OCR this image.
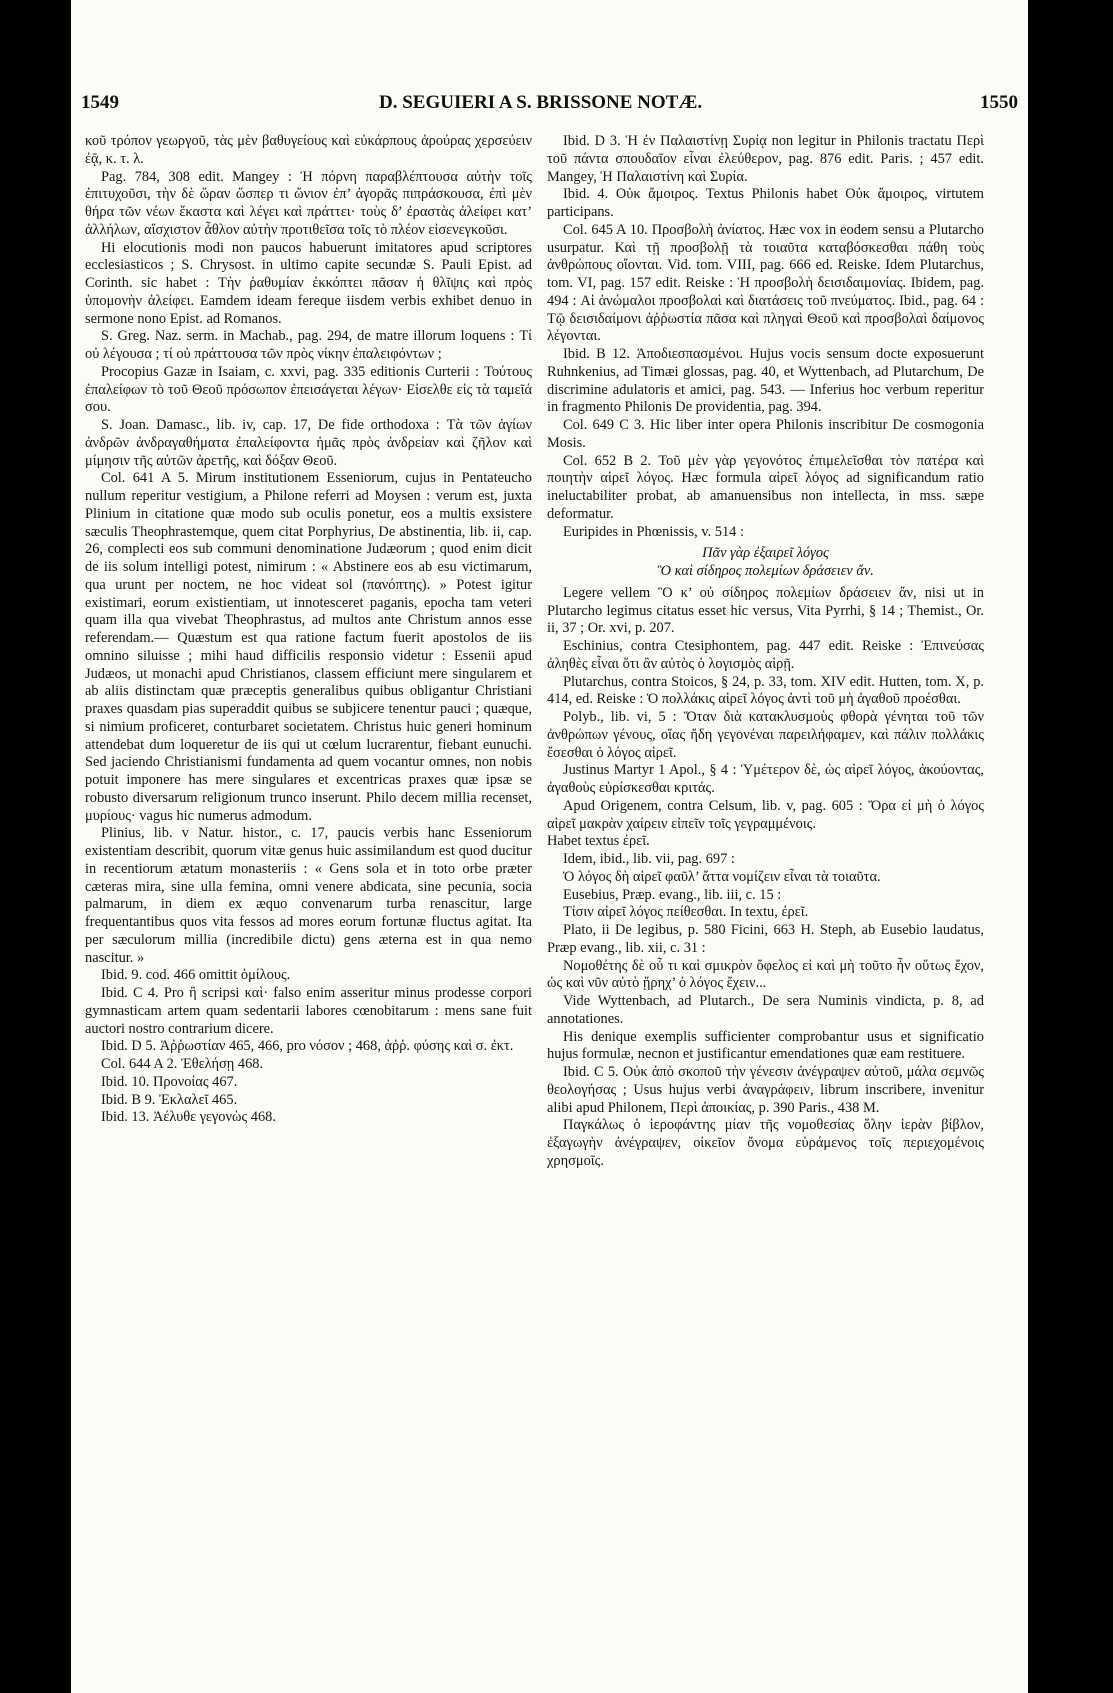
1549	D. SEGUIERI A S. BRISSONE NOTÆ.	1550

κοῦ τρόπον γεωργοῦ, τὰς μὲν βαθυγείους καὶ εὐκάρπους ἀρούρας χερσεύειν ἐᾷ, κ. τ. λ.

Pag. 784, 308 edit. Mangey : Ἡ πόρνη παραβλέπτουσα αὐτὴν τοῖς ἐπιτυχοῦσι, τὴν δὲ ὥραν ὥσπερ τι ὤνιον ἐπ’ ἀγορᾶς πιπράσκουσα, ἐπὶ μὲν θήρα τῶν νέων ἕκαστα καὶ λέγει καὶ πράττει· τοὺς δ’ ἐραστὰς ἀλείφει κατ’ ἀλλήλων, αἴσχιστον ἆθλον αὐτὴν προτιθεῖσα τοῖς τὸ πλέον εἰσενεγκοῦσι.

Hi elocutionis modi non paucos habuerunt imitatores apud scriptores ecclesiasticos ; S. Chrysost. in ultimo capite secundæ S. Pauli Epist. ad Corinth. sic habet : Τὴν ῥαθυμίαν ἐκκόπτει πᾶσαν ἡ θλῖψις καὶ πρὸς ὑπομονὴν ἀλείφει. Eamdem ideam fereque iisdem verbis exhibet denuo in sermone nono Epist. ad Romanos.

S. Greg. Naz. serm. in Machab., pag. 294, de matre illorum loquens : Τί οὐ λέγουσα ; τί οὐ πράττουσα τῶν πρὸς νίκην ἐπαλειφόντων ;

Procopius Gazæ in Isaiam, c. xxvi, pag. 335 editionis Curterii : Τούτους ἐπαλείφων τὸ τοῦ Θεοῦ πρόσωπον ἐπεισάγεται λέγων· Εἰσελθε εἰς τὰ ταμεῖά σου.

S. Joan. Damasc., lib. iv, cap. 17, De fide orthodoxa : Τὰ τῶν ἁγίων ἀνδρῶν ἀνδραγαθήματα ἐπαλείφοντα ἡμᾶς πρὸς ἀνδρείαν καὶ ζῆλον καὶ μίμησιν τῆς αὐτῶν ἀρετῆς, καὶ δόξαν Θεοῦ.

Col. 641 A 5. Mirum institutionem Esseniorum, cujus in Pentateucho nullum reperitur vestigium, a Philone referri ad Moysen : verum est, juxta Plinium in citatione quæ modo sub oculis ponetur, eos a multis exsistere sæculis Theophrastemque, quem citat Porphyrius, De abstinentia, lib. ii, cap. 26, complecti eos sub communi denominatione Judæorum ; quod enim dicit de iis solum intelligi potest, nimirum : « Abstinere eos ab esu victimarum, qua urunt per noctem, ne hoc videat sol (πανόπτης). » Potest igitur existimari, eorum existientiam, ut innotesceret paganis, epocha tam veteri quam illa qua vivebat Theophrastus, ad multos ante Christum annos esse referendam.— Quæstum est qua ratione factum fuerit apostolos de iis omnino siluisse ; mihi haud difficilis responsio videtur : Essenii apud Judæos, ut monachi apud Christianos, classem efficiunt mere singularem et ab aliis distinctam quæ præceptis generalibus quibus obligantur Christiani praxes quasdam pias superaddit quibus se subjicere tenentur pauci ; quæque, si nimium proficeret, conturbaret societatem. Christus huic generi hominum attendebat dum loqueretur de iis qui ut cœlum lucrarentur, fiebant eunuchi. Sed jaciendo Christianismi fundamenta ad quem vocantur omnes, non nobis potuit imponere has mere singulares et excentricas praxes quæ ipsæ se robusto diversarum religionum trunco inserunt. Philo decem millia recenset, μυρίους· vagus hic numerus admodum.

Plinius, lib. v Natur. histor., c. 17, paucis verbis hanc Esseniorum existentiam describit, quorum vitæ genus huic assimilandum est quod ducitur in recentiorum ætatum monasteriis : « Gens sola et in toto orbe præter cæteras mira, sine ulla femina, omni venere abdicata, sine pecunia, socia palmarum, in diem ex æquo convenarum turba renascitur, large frequentantibus quos vita fessos ad mores eorum fortunæ fluctus agitat. Ita per sæculorum millia (incredibile dictu) gens æterna est in qua nemo nascitur. »

Ibid. 9. cod. 466 omittit ὁμίλους.

Ibid. C 4. Pro ἢ scripsi καὶ· falso enim asseritur minus prodesse corpori gymnasticam artem quam sedentarii labores cœnobitarum : mens sane fuit auctori nostro contrarium dicere.

Ibid. D 5. Ἀῤῥωστίαν 465, 466, pro νόσον ; 468, ἀῤῥ. φύσης καὶ σ. ἐκτ.

Col. 644 A 2. Ἐθελήσῃ 468.

Ibid. 10. Προνοίας 467.

Ibid. B 9. Ἐκλαλεῖ 465.

Ibid. 13. Ἀέλυθε γεγονὼς 468.

Ibid. D 3. Ἡ ἐν Παλαιστίνῃ Συρίᾳ non legitur in Philonis tractatu Περὶ τοῦ πάντα σπουδαῖον εἶναι ἐλεύθερον, pag. 876 edit. Paris. ; 457 edit. Mangey, Ἡ Παλαιστίνη καὶ Συρία.

Ibid. 4. Οὐκ ἄμοιρος. Textus Philonis habet Οὐκ ἄμοιρος, virtutem participans.

Col. 645 A 10. Προσβολὴ ἀνίατος. Hæc vox in eodem sensu a Plutarcho usurpatur. Καὶ τῇ προσβολῇ τὰ τοιαῦτα καταβόσκεσθαι πάθη τοὺς ἀνθρώπους οἴονται. Vid. tom. VIII, pag. 666 ed. Reiske. Idem Plutarchus, tom. VI, pag. 157 edit. Reiske : Ἡ προσβολὴ δεισιδαιμονίας. Ibidem, pag. 494 : Αἱ ἀνώμαλοι προσβολαὶ καὶ διατάσεις τοῦ πνεύματος. Ibid., pag. 64 : Τῷ δεισιδαίμονι ἀῤῥωστία πᾶσα καὶ πληγαὶ Θεοῦ καὶ προσβολαὶ δαίμονος λέγονται.

Ibid. B 12. Ἀποδιεσπασμένοι. Hujus vocis sensum docte exposuerunt Ruhnkenius, ad Timæi glossas, pag. 40, et Wyttenbach, ad Plutarchum, De discrimine adulatoris et amici, pag. 543. — Inferius hoc verbum reperitur in fragmento Philonis De providentia, pag. 394.

Col. 649 C 3. Hic liber inter opera Philonis inscribitur De cosmogonia Mosis.

Col. 652 B 2. Τοῦ μὲν γὰρ γεγονότος ἐπιμελεῖσθαι τὸν πατέρα καὶ ποιητὴν αἱρεῖ λόγος. Hæc formula αἱρεῖ λόγος ad significandum ratio ineluctabiliter probat, ab amanuensibus non intellecta, in mss. sæpe deformatur.

Euripides in Phœnissis, v. 514 :

Πᾶν γὰρ ἐξαιρεῖ λόγος

Ὃ καὶ σίδηρος πολεμίων δράσειεν ἄν.

Legere vellem Ὃ κ’ οὐ σίδηρος πολεμίων δράσειεν ἄν, nisi ut in Plutarcho legimus citatus esset hic versus, Vita Pyrrhi, § 14 ; Themist., Or. ii, 37 ; Or. xvi, p. 207.

Eschinius, contra Ctesiphontem, pag. 447 edit. Reiske : Ἐπινεύσας ἀληθὲς εἶναι ὅτι ἂν αὐτὸς ὁ λογισμὸς αἱρῇ.

Plutarchus, contra Stoicos, § 24, p. 33, tom. XIV edit. Hutten, tom. X, p. 414, ed. Reiske : Ὁ πολλάκις αἱρεῖ λόγος ἀντὶ τοῦ μὴ ἀγαθοῦ προέσθαι.

Polyb., lib. vi, 5 : Ὅταν διὰ κατακλυσμοὺς φθορὰ γένηται τοῦ τῶν ἀνθρώπων γένους, οἵας ἤδη γεγονέναι παρειλήφαμεν, καὶ πάλιν πολλάκις ἔσεσθαι ὁ λόγος αἱρεῖ.

Justinus Martyr 1 Apol., § 4 : Ὑμέτερον δὲ, ὡς αἱρεῖ λόγος, ἀκούοντας, ἀγαθοὺς εὑρίσκεσθαι κριτάς.

Apud Origenem, contra Celsum, lib. v, pag. 605 : Ὅρα εἰ μὴ ὁ λόγος αἱρεῖ μακρὰν χαίρειν εἰπεῖν τοῖς γεγραμμένοις.

Habet textus ἐρεῖ.

Idem, ibid., lib. vii, pag. 697 :

Ὁ λόγος δὴ αἱρεῖ φαῦλ’ ἄττα νομίζειν εἶναι τὰ τοιαῦτα.

Eusebius, Præp. evang., lib. iii, c. 15 :

Τίσιν αἱρεῖ λόγος πείθεσθαι. In textu, ἐρεῖ.

Plato, ii De legibus, p. 580 Ficini, 663 H. Steph, ab Eusebio laudatus, Præp evang., lib. xii, c. 31 :

Νομοθέτης δὲ οὗ τι καὶ σμικρὸν ὄφελος εἰ καὶ μὴ τοῦτο ἦν οὕτως ἔχον, ὡς καὶ νῦν αὐτὸ ᾕρηχ’ ὁ λόγος ἔχειν...

Vide Wyttenbach, ad Plutarch., De sera Numinis vindicta, p. 8, ad annotationes.

His denique exemplis sufficienter comprobantur usus et significatio hujus formulæ, necnon et justificantur emendationes quæ eam restituere.

Ibid. C 5. Οὐκ ἀπὸ σκοποῦ τὴν γένεσιν ἀνέγραψεν αὐτοῦ, μάλα σεμνῶς θεολογήσας ; Usus hujus verbi ἀναγράφειν, librum inscribere, invenitur alibi apud Philonem, Περὶ ἀποικίας, p. 390 Paris., 438 M.

Παγκάλως ὁ ἱεροφάντης μίαν τῆς νομοθεσίας ὅλην ἱερὰν βίβλον, ἐξαγωγὴν ἀνέγραψεν, οἰκεῖον ὄνομα εὑράμενος τοῖς περιεχομένοις χρησμοῖς.
